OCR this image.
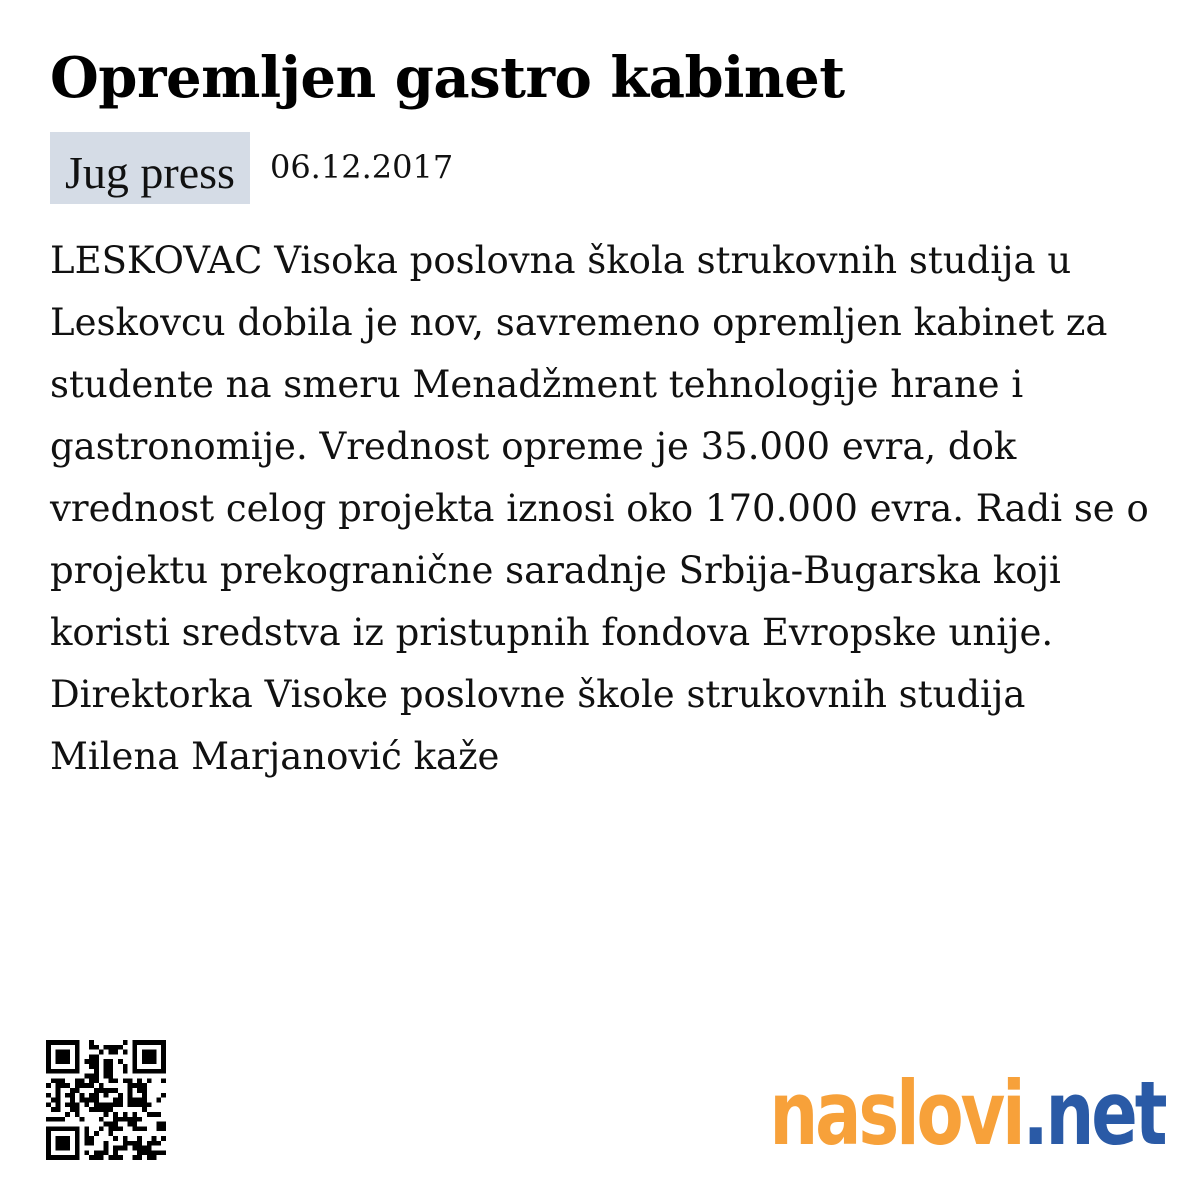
Opremljen gastro kabinet
Jug press	06.12.2017

LESKOVAC Visoka poslovna škola strukovnih studija u Leskovcu dobila je nov, savremeno opremljen kabinet za studente na smeru Menadžment tehnologije hrane i gastronomije. Vrednost opreme je 35.000 evra, dok vrednost celog projekta iznosi oko 170.000 evra. Radi se o projektu prekogranične saradnje Srbija-Bugarska koji koristi sredstva iz pristupnih fondova Evropske unije. Direktorka Visoke poslovne škole strukovnih studija Milena Marjanović kaže

naslovi.net
